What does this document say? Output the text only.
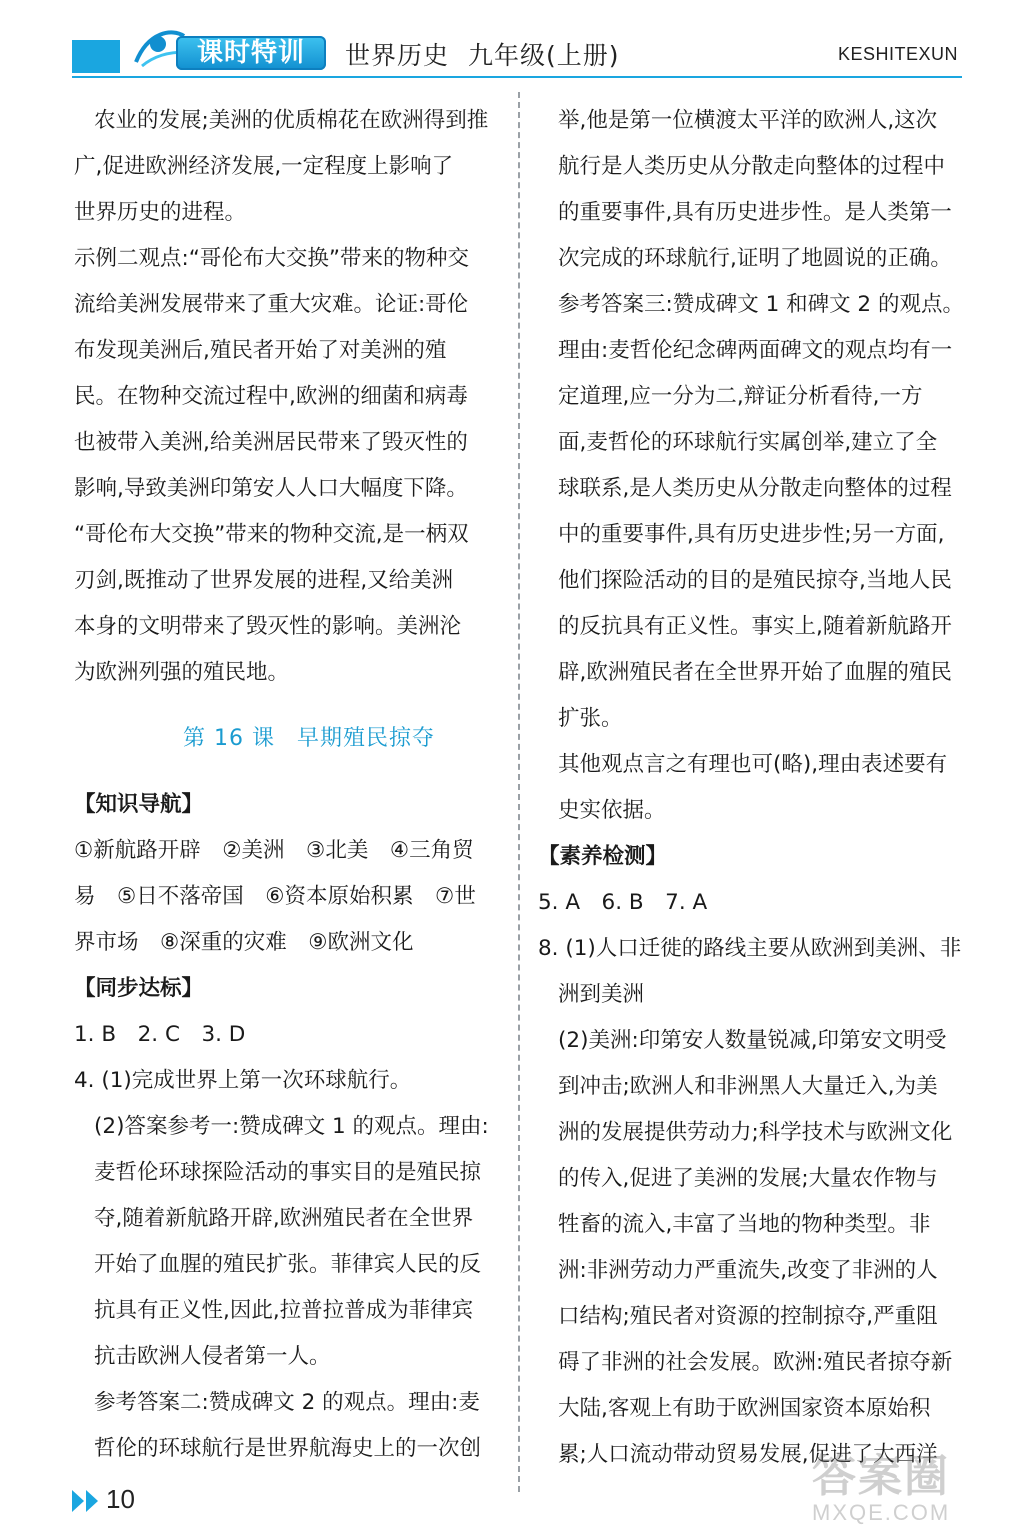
课时特训	世界历史 九年级(上册)	KESHITEXUN
农业的发展;美洲的优质棉花在欧洲得到推
广,促进欧洲经济发展,一定程度上影响了
世界历史的进程。
示例二观点:“哥伦布大交换”带来的物种交
流给美洲发展带来了重大灾难。论证:哥伦
布发现美洲后,殖民者开始了对美洲的殖
民。在物种交流过程中,欧洲的细菌和病毒
也被带入美洲,给美洲居民带来了毁灭性的
影响,导致美洲印第安人人口大幅度下降。
“哥伦布大交换”带来的物种交流,是一柄双
刃剑,既推动了世界发展的进程,又给美洲
本身的文明带来了毁灭性的影响。美洲沦
为欧洲列强的殖民地。
第 16 课 早期殖民掠夺
【知识导航】
①新航路开辟　②美洲　③北美　④三角贸
易　⑤日不落帝国　⑥资本原始积累　⑦世
界市场　⑧深重的灾难　⑨欧洲文化
【同步达标】
1. B　2. C　3. D
4. (1)完成世界上第一次环球航行。
(2)答案参考一:赞成碑文 1 的观点。理由:
麦哲伦环球探险活动的事实目的是殖民掠
夺,随着新航路开辟,欧洲殖民者在全世界
开始了血腥的殖民扩张。菲律宾人民的反
抗具有正义性,因此,拉普拉普成为菲律宾
抗击欧洲人侵者第一人。
参考答案二:赞成碑文 2 的观点。理由:麦
哲伦的环球航行是世界航海史上的一次创
举,他是第一位横渡太平洋的欧洲人,这次
航行是人类历史从分散走向整体的过程中
的重要事件,具有历史进步性。是人类第一
次完成的环球航行,证明了地圆说的正确。
参考答案三:赞成碑文 1 和碑文 2 的观点。
理由:麦哲伦纪念碑两面碑文的观点均有一
定道理,应一分为二,辩证分析看待,一方
面,麦哲伦的环球航行实属创举,建立了全
球联系,是人类历史从分散走向整体的过程
中的重要事件,具有历史进步性;另一方面,
他们探险活动的目的是殖民掠夺,当地人民
的反抗具有正义性。事实上,随着新航路开
辟,欧洲殖民者在全世界开始了血腥的殖民
扩张。
其他观点言之有理也可(略),理由表述要有
史实依据。
【素养检测】
5. A　6. B　7. A
8. (1)人口迁徙的路线主要从欧洲到美洲、非
洲到美洲
(2)美洲:印第安人数量锐减,印第安文明受
到冲击;欧洲人和非洲黑人大量迁入,为美
洲的发展提供劳动力;科学技术与欧洲文化
的传入,促进了美洲的发展;大量农作物与
牲畜的流入,丰富了当地的物种类型。非
洲:非洲劳动力严重流失,改变了非洲的人
口结构;殖民者对资源的控制掠夺,严重阻
碍了非洲的社会发展。欧洲:殖民者掠夺新
大陆,客观上有助于欧洲国家资本原始积
累;人口流动带动贸易发展,促进了大西洋
10	答案圈
MXQE.COM
